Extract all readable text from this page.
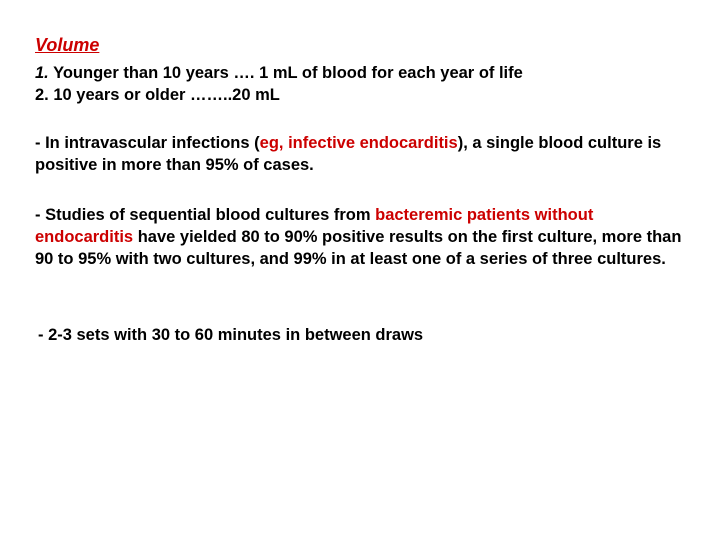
Volume
1. Younger than 10 years …. 1 mL of blood for each year of life
2. 10 years or older ……..20 mL
- In intravascular infections (eg, infective endocarditis), a single blood culture is positive in more than 95% of cases.
- Studies of sequential blood cultures from bacteremic patients without endocarditis have yielded 80 to 90% positive results on the first culture, more than 90 to 95% with two cultures, and 99% in at least one of a series of three cultures.
- 2-3 sets with 30 to 60 minutes in between draws
